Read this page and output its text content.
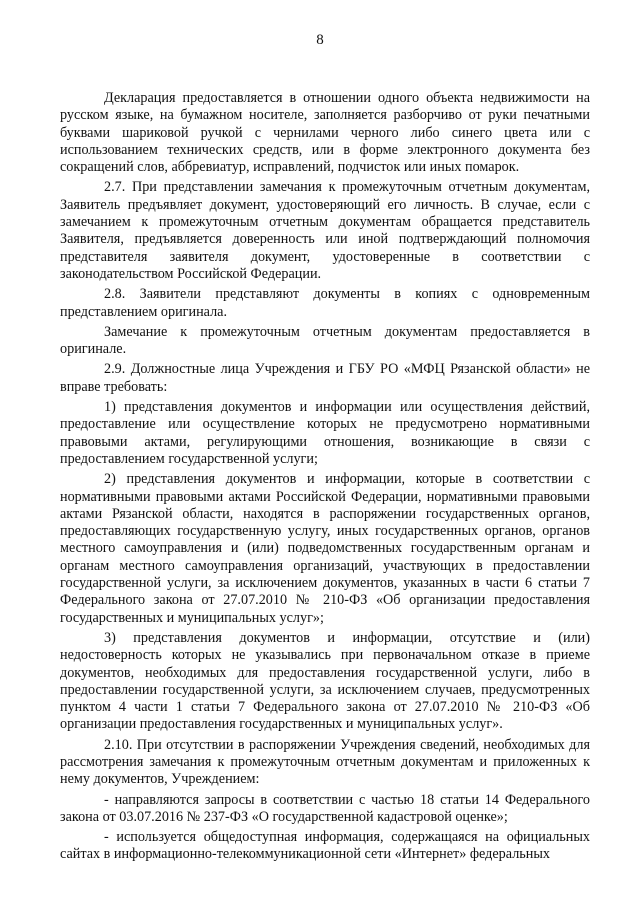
8

Декларация предоставляется в отношении одного объекта недвижимости на русском языке, на бумажном носителе, заполняется разборчиво от руки печатными буквами шариковой ручкой с чернилами черного либо синего цвета или с использованием технических средств, или в форме электронного документа без сокращений слов, аббревиатур, исправлений, подчисток или иных помарок.

2.7. При представлении замечания к промежуточным отчетным документам, Заявитель предъявляет документ, удостоверяющий его личность. В случае, если с замечанием к промежуточным отчетным документам обращается представитель Заявителя, предъявляется доверенность или иной подтверждающий полномочия представителя заявителя документ, удостоверенные в соответствии с законодательством Российской Федерации.

2.8. Заявители представляют документы в копиях с одновременным представлением оригинала.

Замечание к промежуточным отчетным документам предоставляется в оригинале.

2.9. Должностные лица Учреждения и ГБУ РО «МФЦ Рязанской области» не вправе требовать:

1) представления документов и информации или осуществления действий, предоставление или осуществление которых не предусмотрено нормативными правовыми актами, регулирующими отношения, возникающие в связи с предоставлением государственной услуги;

2) представления документов и информации, которые в соответствии с нормативными правовыми актами Российской Федерации, нормативными правовыми актами Рязанской области, находятся в распоряжении государственных органов, предоставляющих государственную услугу, иных государственных органов, органов местного самоуправления и (или) подведомственных государственным органам и органам местного самоуправления организаций, участвующих в предоставлении государственной услуги, за исключением документов, указанных в части 6 статьи 7 Федерального закона от 27.07.2010 № 210-ФЗ «Об организации предоставления государственных и муниципальных услуг»;

3) представления документов и информации, отсутствие и (или) недостоверность которых не указывались при первоначальном отказе в приеме документов, необходимых для предоставления государственной услуги, либо в предоставлении государственной услуги, за исключением случаев, предусмотренных пунктом 4 части 1 статьи 7 Федерального закона от 27.07.2010 № 210-ФЗ «Об организации предоставления государственных и муниципальных услуг».

2.10. При отсутствии в распоряжении Учреждения сведений, необходимых для рассмотрения замечания к промежуточным отчетным документам и приложенных к нему документов, Учреждением:

- направляются запросы в соответствии с частью 18 статьи 14 Федерального закона от 03.07.2016 № 237-ФЗ «О государственной кадастровой оценке»;

- используется общедоступная информация, содержащаяся на официальных сайтах в информационно-телекоммуникационной сети «Интернет» федеральных
